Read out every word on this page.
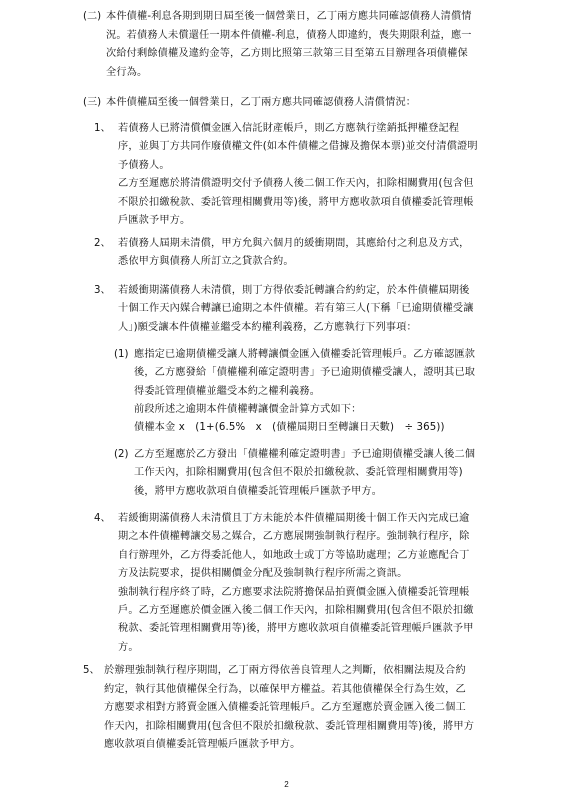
(二) 本件債權-利息各期到期日屆至後一個營業日，乙丁兩方應共同確認債務人清償情
況。若債務人未償還任一期本件債權-利息，債務人即違約，喪失期限利益，應一
次給付剩餘債權及違約金等，乙方則比照第三款第三目至第五目辦理各項債權保
全行為。
(三) 本件債權屆至後一個營業日，乙丁兩方應共同確認債務人清償情況：
1、 若債務人已將清償價金匯入信託財產帳戶，則乙方應執行塗銷抵押權登記程
序，並與丁方共同作廢債權文件(如本件債權之借據及擔保本票)並交付清償證明
予債務人。
乙方至遲應於將清償證明交付予債務人後二個工作天內，扣除相關費用(包含但
不限於扣繳稅款、委託管理相關費用等)後，將甲方應收款項自債權委託管理帳
戶匯款予甲方。
2、 若債務人屆期未清償，甲方允與六個月的緩衝期間，其應給付之利息及方式，
悉依甲方與債務人所訂立之貸款合約。
3、 若緩衝期滿債務人未清償，則丁方得依委託轉讓合約約定，於本件債權屆期後
十個工作天內媒合轉讓已逾期之本件債權。若有第三人(下稱「已逾期債權受讓
人」)願受讓本件債權並繼受本約權利義務，乙方應執行下列事項：
(1) 應指定已逾期債權受讓人將轉讓價金匯入債權委託管理帳戶。乙方確認匯款
後，乙方應發給「債權權利確定證明書」予已逾期債權受讓人，證明其已取
得委託管理債權並繼受本約之權利義務。
前段所述之逾期本件債權轉讓價金計算方式如下：
債權本金 x　(1+(6.5%　x　(債權屆期日至轉讓日天數)　÷ 365))
(2) 乙方至遲應於乙方發出「債權權利確定證明書」予已逾期債權受讓人後二個
工作天內，扣除相關費用(包含但不限於扣繳稅款、委託管理相關費用等)
後，將甲方應收款項自債權委託管理帳戶匯款予甲方。
4、 若緩衝期滿債務人未清償且丁方未能於本件債權屆期後十個工作天內完成已逾
期之本件債權轉讓交易之媒合，乙方應展開強制執行程序。強制執行程序，除
自行辦理外，乙方得委託他人，如地政士或丁方等協助處理；乙方並應配合丁
方及法院要求，提供相關價金分配及強制執行程序所需之資訊。
強制執行程序終了時，乙方應要求法院將擔保品拍賣價金匯入債權委託管理帳
戶。乙方至遲應於價金匯入後二個工作天內，扣除相關費用(包含但不限於扣繳
稅款、委託管理相關費用等)後，將甲方應收款項自債權委託管理帳戶匯款予甲
方。
5、 於辦理強制執行程序期間，乙丁兩方得依善良管理人之判斷，依相關法規及合約
約定，執行其他債權保全行為，以確保甲方權益。若其他債權保全行為生效，乙
方應要求相對方將賣金匯入債權委託管理帳戶。乙方至遲應於賣金匯入後二個工
作天內，扣除相關費用(包含但不限於扣繳稅款、委託管理相關費用等)後，將甲方
應收款項自債權委託管理帳戶匯款予甲方。
2
